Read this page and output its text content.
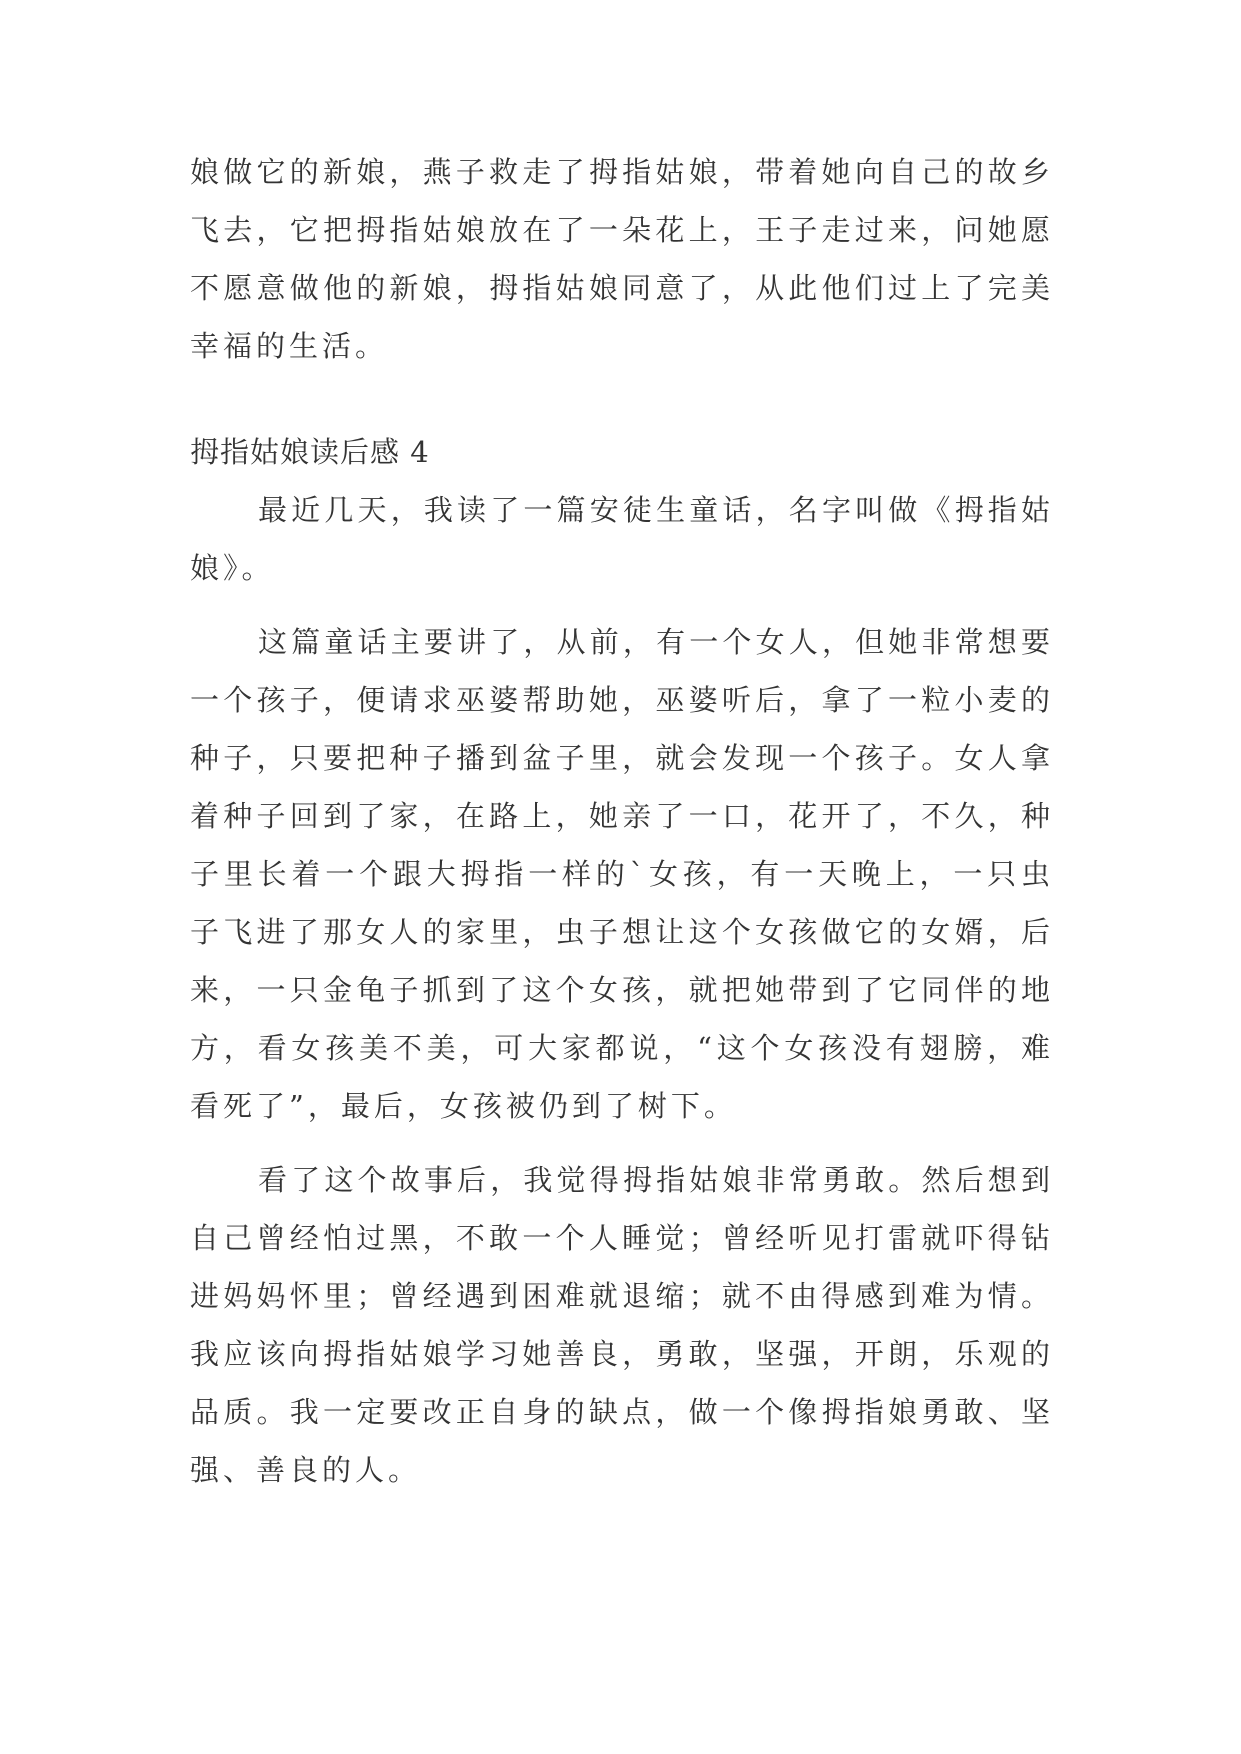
娘做它的新娘，燕子救走了拇指姑娘，带着她向自己的故乡
飞去，它把拇指姑娘放在了一朵花上，王子走过来，问她愿
不愿意做他的新娘，拇指姑娘同意了，从此他们过上了完美
幸福的生活。
拇指姑娘读后感 4
最近几天，我读了一篇安徒生童话，名字叫做《拇指姑
娘》。
这篇童话主要讲了，从前，有一个女人，但她非常想要
一个孩子，便请求巫婆帮助她，巫婆听后，拿了一粒小麦的
种子，只要把种子播到盆子里，就会发现一个孩子。女人拿
着种子回到了家，在路上，她亲了一口，花开了，不久，种
子里长着一个跟大拇指一样的`女孩，有一天晚上，一只虫
子飞进了那女人的家里，虫子想让这个女孩做它的女婿，后
来，一只金龟子抓到了这个女孩，就把她带到了它同伴的地
方，看女孩美不美，可大家都说，“这个女孩没有翅膀，难
看死了”，最后，女孩被仍到了树下。
看了这个故事后，我觉得拇指姑娘非常勇敢。然后想到
自己曾经怕过黑，不敢一个人睡觉；曾经听见打雷就吓得钻
进妈妈怀里；曾经遇到困难就退缩；就不由得感到难为情。
我应该向拇指姑娘学习她善良，勇敢，坚强，开朗，乐观的
品质。我一定要改正自身的缺点，做一个像拇指娘勇敢、坚
强、善良的人。
